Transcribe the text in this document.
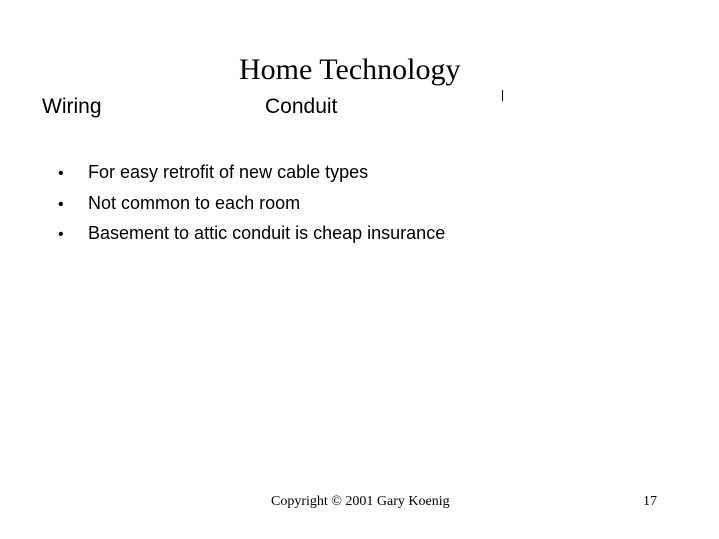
Home Technology
Wiring	Conduit
•	For easy retrofit of new cable types
•	Not common to each room
•	Basement to attic conduit is cheap insurance
Copyright © 2001 Gary Koenig	17
